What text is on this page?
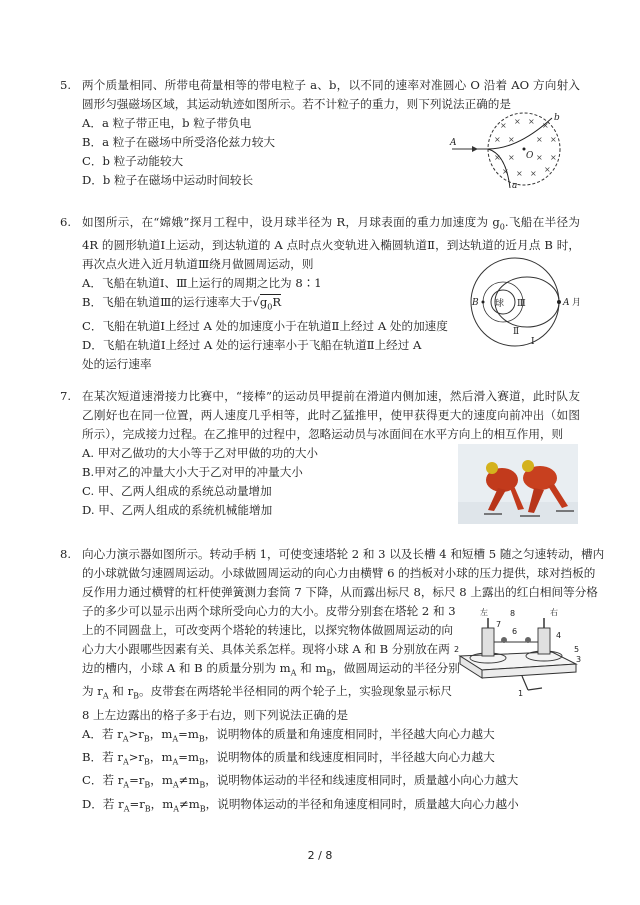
5. 两个质量相同、所带电荷量相等的带电粒子 a、b，以不同的速率对准圆心 O 沿着 AO 方向射入圆形匀强磁场区域，其运动轨迹如图所示。若不计粒子的重力，则下列说法正确的是
A．a 粒子带正电，b 粒子带负电
B．a 粒子在磁场中所受洛伦兹力较大
C．b 粒子动能较大
D．b 粒子在磁场中运动时间较长
× × × ×
× ×	× ×
× ×	× ×
× × × ×
A
O
b
a
6. 如图所示，在“嫦娥”探月工程中，设月球半径为 R，月球表面的重力加速度为 $g_0$.飞船在半径为 4R 的圆形轨道Ⅰ上运动，到达轨道的 A 点时点火变轨进入椭圆轨道Ⅱ，到达轨道的近月点 B 时，再次点火进入近月轨道Ⅲ绕月做圆周运动，则
A．飞船在轨道Ⅰ、Ⅲ上运行的周期之比为 8∶1
B．飞船在轨道Ⅲ的运行速率大于$√g_0R$
C．飞船在轨道Ⅰ上经过 A 处的加速度小于在轨道Ⅱ上经过 A 处的加速度
D．飞船在轨道Ⅰ上经过 A 处的运行速率小于飞船在轨道Ⅱ上经过 A 处的运行速率
B 球 Ⅲ	A 月
Ⅱ
Ⅰ
7. 在某次短道速滑接力比赛中，“接棒”的运动员甲提前在滑道内侧加速，然后滑入赛道，此时队友乙刚好也在同一位置，两人速度几乎相等，此时乙猛推甲，使甲获得更大的速度向前冲出（如图所示），完成接力过程。在乙推甲的过程中，忽略运动员与冰面间在水平方向上的相互作用，则
A. 甲对乙做功的大小等于乙对甲做的功的大小
B.甲对乙的冲量大小大于乙对甲的冲量大小
C. 甲、乙两人组成的系统总动量增加
D. 甲、乙两人组成的系统机械能增加
8. 向心力演示器如图所示。转动手柄 1，可使变速塔轮 2 和 3 以及长槽 4 和短槽 5 随之匀速转动，槽内
的小球就做匀速圆周运动。小球做圆周运动的向心力由横臂 6 的挡板对小球的压力提供，球对挡板的
反作用力通过横臂的杠杆使弹簧测力套筒 7 下降，从而露出标尺 8，标尺 8 上露出的红白相间等分格
子的多少可以显示出两个球所受向心力的大小。皮带分别套在塔轮 2 和 3
上的不同圆盘上，可改变两个塔轮的转速比，以探究物体做圆周运动的向
心力大小跟哪些因素有关、具体关系怎样。现将小球 A 和 B 分别放在两
边的槽内，小球 A 和 B 的质量分别为 $m_A$ 和 $m_B$，做圆周运动的半径分别
为 $r_A$ 和 $r_B$。皮带套在两塔轮半径相同的两个轮子上，实验现象显示标尺
8 上左边露出的格子多于右边，则下列说法正确的是
A．若 $r_A>r_B$，$m_A=m_B$，说明物体的质量和角速度相同时，半径越大向心力越大
B．若 $r_A>r_B$，$m_A=m_B$，说明物体的质量和线速度相同时，半径越大向心力越大
C．若 $r_A=r_B$，$m_A\ne m_B$，说明物体运动的半径和线速度相同时，质量越小向心力越大
D．若 $r_A=r_B$，$m_A\ne m_B$，说明物体运动的半径和角速度相同时，质量越大向心力越小
左	右
8
7
6	4
2	5
3
1
2 / 8
